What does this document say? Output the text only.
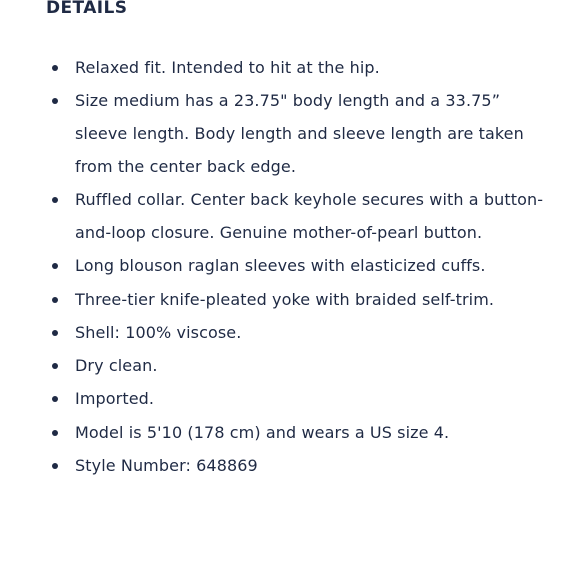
DETAILS
Relaxed fit. Intended to hit at the hip.
Size medium has a 23.75" body length and a 33.75” sleeve length. Body length and sleeve length are taken from the center back edge.
Ruffled collar. Center back keyhole secures with a button-and-loop closure. Genuine mother-of-pearl button.
Long blouson raglan sleeves with elasticized cuffs.
Three-tier knife-pleated yoke with braided self-trim.
Shell: 100% viscose.
Dry clean.
Imported.
Model is 5'10 (178 cm) and wears a US size 4.
Style Number: 648869
